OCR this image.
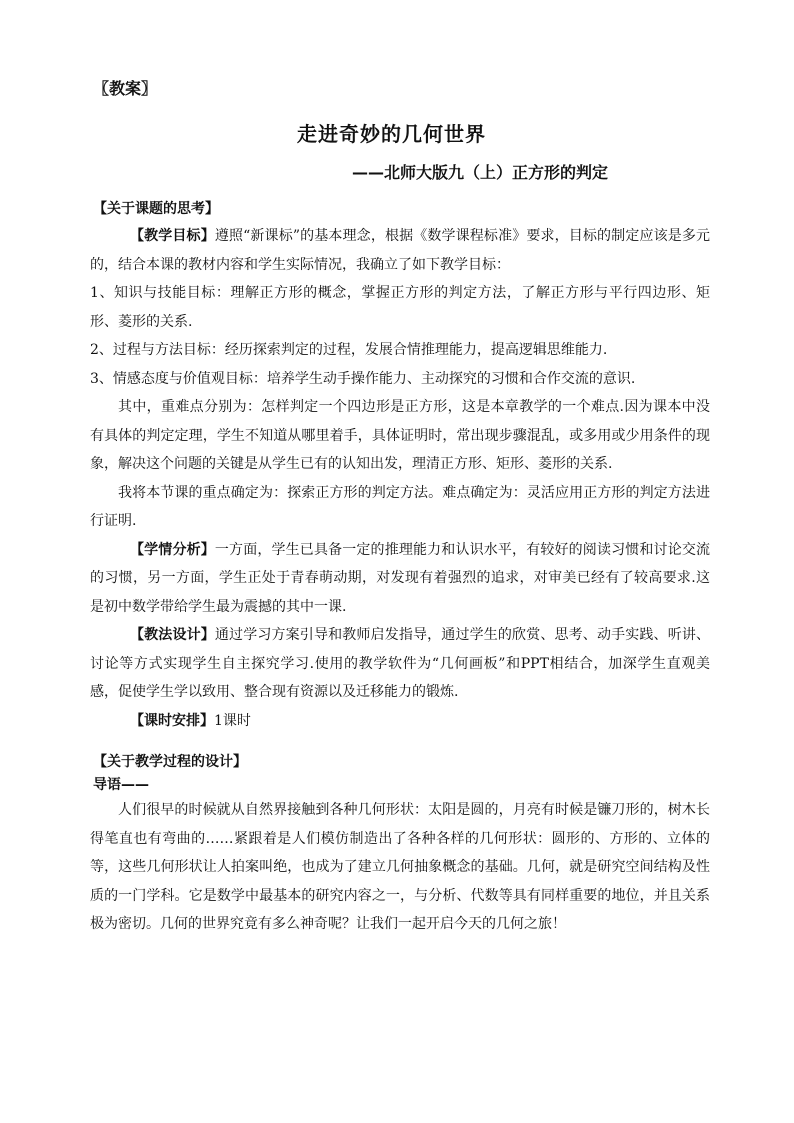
〖教案〗
走进奇妙的几何世界
——北师大版九（上）正方形的判定
【关于课题的思考】

【教学目标】遵照“新课标”的基本理念，根据《数学课程标准》要求，目标的制定应该是多元的，结合本课的教材内容和学生实际情况，我确立了如下教学目标：

1、知识与技能目标：理解正方形的概念，掌握正方形的判定方法，了解正方形与平行四边形、矩形、菱形的关系.

2、过程与方法目标：经历探索判定的过程，发展合情推理能力，提高逻辑思维能力.

3、情感态度与价值观目标：培养学生动手操作能力、主动探究的习惯和合作交流的意识.

其中，重难点分别为：怎样判定一个四边形是正方形，这是本章教学的一个难点.因为课本中没有具体的判定定理，学生不知道从哪里着手，具体证明时，常出现步骤混乱，或多用或少用条件的现象，解决这个问题的关键是从学生已有的认知出发，理清正方形、矩形、菱形的关系.

我将本节课的重点确定为：探索正方形的判定方法。难点确定为：灵活应用正方形的判定方法进行证明.

【学情分析】一方面，学生已具备一定的推理能力和认识水平，有较好的阅读习惯和讨论交流的习惯，另一方面，学生正处于青春萌动期，对发现有着强烈的追求，对审美已经有了较高要求.这是初中数学带给学生最为震撼的其中一课.

【教法设计】通过学习方案引导和教师启发指导，通过学生的欣赏、思考、动手实践、听讲、讨论等方式实现学生自主探究学习.使用的教学软件为“几何画板”和PPT相结合，加深学生直观美感，促使学生学以致用、整合现有资源以及迁移能力的锻炼.

【课时安排】1课时

【关于教学过程的设计】
导语——

人们很早的时候就从自然界接触到各种几何形状：太阳是圆的，月亮有时候是镰刀形的，树木长得笔直也有弯曲的……紧跟着是人们模仿制造出了各种各样的几何形状：圆形的、方形的、立体的等，这些几何形状让人拍案叫绝，也成为了建立几何抽象概念的基础。几何，就是研究空间结构及性质的一门学科。它是数学中最基本的研究内容之一，与分析、代数等具有同样重要的地位，并且关系极为密切。几何的世界究竟有多么神奇呢？让我们一起开启今天的几何之旅！
